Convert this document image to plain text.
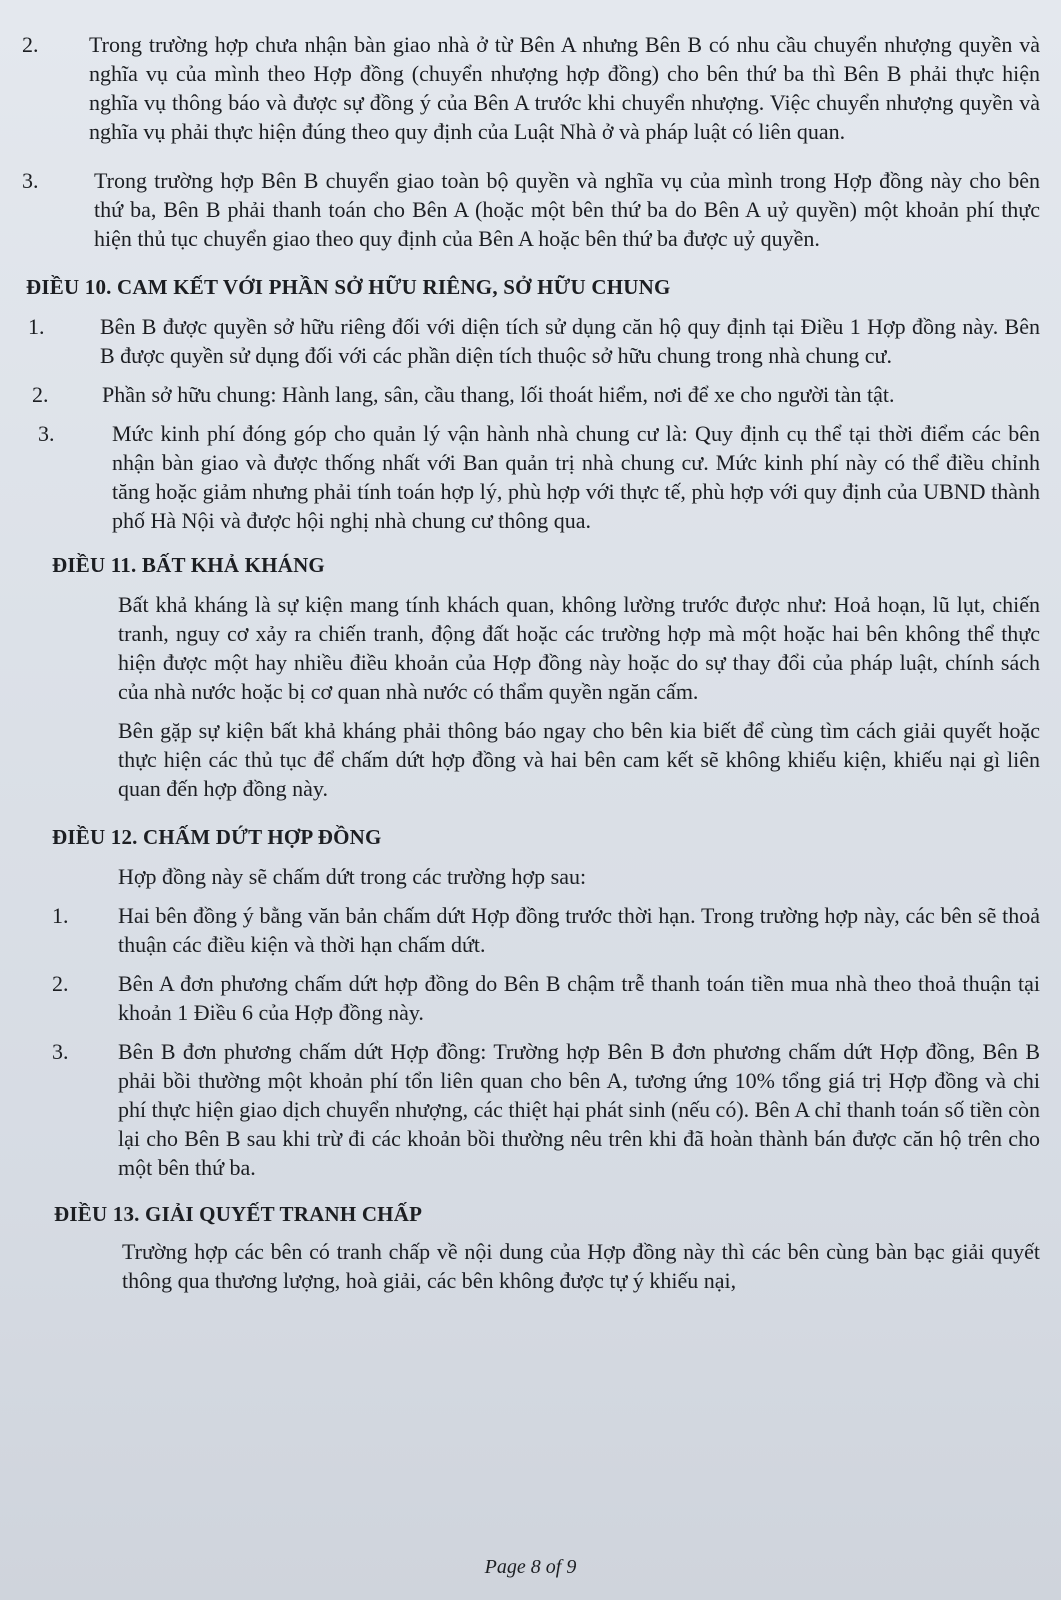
2.	Trong trường hợp chưa nhận bàn giao nhà ở từ Bên A nhưng Bên B có nhu cầu chuyển nhượng quyền và nghĩa vụ của mình theo Hợp đồng (chuyển nhượng hợp đồng) cho bên thứ ba thì Bên B phải thực hiện nghĩa vụ thông báo và được sự đồng ý của Bên A trước khi chuyển nhượng. Việc chuyển nhượng quyền và nghĩa vụ phải thực hiện đúng theo quy định của Luật Nhà ở và pháp luật có liên quan.
3.	Trong trường hợp Bên B chuyển giao toàn bộ quyền và nghĩa vụ của mình trong Hợp đồng này cho bên thứ ba, Bên B phải thanh toán cho Bên A (hoặc một bên thứ ba do Bên A uỷ quyền) một khoản phí thực hiện thủ tục chuyển giao theo quy định của Bên A hoặc bên thứ ba được uỷ quyền.
ĐIỀU 10. CAM KẾT VỚI PHẦN SỞ HỮU RIÊNG, SỞ HỮU CHUNG
1.	Bên B được quyền sở hữu riêng đối với diện tích sử dụng căn hộ quy định tại Điều 1 Hợp đồng này. Bên B được quyền sử dụng đối với các phần diện tích thuộc sở hữu chung trong nhà chung cư.
2.	Phần sở hữu chung: Hành lang, sân, cầu thang, lối thoát hiểm, nơi để xe cho người tàn tật.
3.	Mức kinh phí đóng góp cho quản lý vận hành nhà chung cư là: Quy định cụ thể tại thời điểm các bên nhận bàn giao và được thống nhất với Ban quản trị nhà chung cư. Mức kinh phí này có thể điều chỉnh tăng hoặc giảm nhưng phải tính toán hợp lý, phù hợp với thực tế, phù hợp với quy định của UBND thành phố Hà Nội và được hội nghị nhà chung cư thông qua.
ĐIỀU 11. BẤT KHẢ KHÁNG
Bất khả kháng là sự kiện mang tính khách quan, không lường trước được như: Hoả hoạn, lũ lụt, chiến tranh, nguy cơ xảy ra chiến tranh, động đất hoặc các trường hợp mà một hoặc hai bên không thể thực hiện được một hay nhiều điều khoản của Hợp đồng này hoặc do sự thay đổi của pháp luật, chính sách của nhà nước hoặc bị cơ quan nhà nước có thẩm quyền ngăn cấm.
Bên gặp sự kiện bất khả kháng phải thông báo ngay cho bên kia biết để cùng tìm cách giải quyết hoặc thực hiện các thủ tục để chấm dứt hợp đồng và hai bên cam kết sẽ không khiếu kiện, khiếu nại gì liên quan đến hợp đồng này.
ĐIỀU 12. CHẤM DỨT HỢP ĐỒNG
Hợp đồng này sẽ chấm dứt trong các trường hợp sau:
1.	Hai bên đồng ý bằng văn bản chấm dứt Hợp đồng trước thời hạn. Trong trường hợp này, các bên sẽ thoả thuận các điều kiện và thời hạn chấm dứt.
2.	Bên A đơn phương chấm dứt hợp đồng do Bên B chậm trễ thanh toán tiền mua nhà theo thoả thuận tại khoản 1 Điều 6 của Hợp đồng này.
3.	Bên B đơn phương chấm dứt Hợp đồng: Trường hợp Bên B đơn phương chấm dứt Hợp đồng, Bên B phải bồi thường một khoản phí tổn liên quan cho bên A, tương ứng 10% tổng giá trị Hợp đồng và chi phí thực hiện giao dịch chuyển nhượng, các thiệt hại phát sinh (nếu có). Bên A chỉ thanh toán số tiền còn lại cho Bên B sau khi trừ đi các khoản bồi thường nêu trên khi đã hoàn thành bán được căn hộ trên cho một bên thứ ba.
ĐIỀU 13. GIẢI QUYẾT TRANH CHẤP
Trường hợp các bên có tranh chấp về nội dung của Hợp đồng này thì các bên cùng bàn bạc giải quyết thông qua thương lượng, hoà giải, các bên không được tự ý khiếu nại,
Page 8 of 9
